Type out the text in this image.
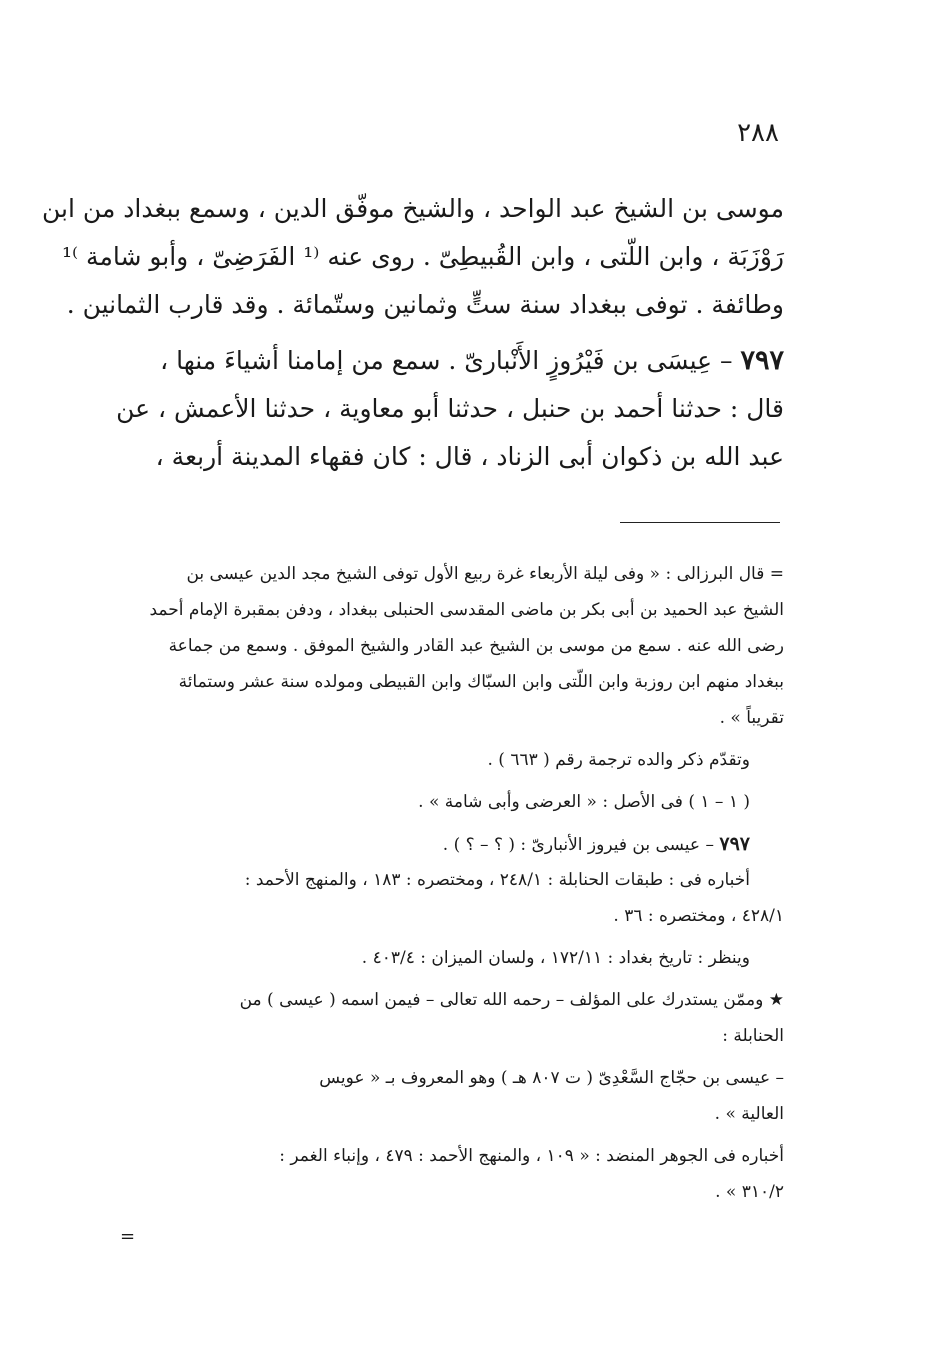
٢٨٨
موسى بن الشيخ عبد الواحد ، والشيخ موفّق الدين ، وسمع ببغداد من ابن
رَوْزَبَة ، وابن اللّتى ، وابن القُبيطِىّ . روى عنه ⁽¹ الفَرَضِىّ ، وأبو شامة ⁾¹
وطائفة . توفى ببغداد سنة ستٍّ وثمانين وستّمائة . وقد قارب الثمانين .
٧٩٧ – عِيسَى بن فَيْرُوزٍ الأَنْبارىّ . سمع من إمامنا أشياءَ منها ،
قال : حدثنا أحمد بن حنبل ، حدثنا أبو معاوية ، حدثنا الأعمش ، عن
عبد الله بن ذكوان أبى الزناد ، قال : كان فقهاء المدينة أربعة ،
= قال البرزالى : « وفى ليلة الأربعاء غرة ربيع الأول توفى الشيخ مجد الدين عيسى بن
الشيخ عبد الحميد بن أبى بكر بن ماضى المقدسى الحنبلى ببغداد ، ودفن بمقبرة الإمام أحمد
رضى الله عنه . سمع من موسى بن الشيخ عبد القادر والشيخ الموفق . وسمع من جماعة
ببغداد منهم ابن روزبة وابن اللّتى وابن السبّاك وابن القبيطى ومولده سنة عشر وستمائة
تقريباً » .
وتقدّم ذكر والده ترجمة رقم ( ٦٦٣ ) .
( ١ – ١ ) فى الأصل : « العرضى وأبى شامة » .
٧٩٧ – عيسى بن فيروز الأنبارىّ : ( ؟ – ؟ ) .
أخباره فى : طبقات الحنابلة : ٢٤٨/١ ، ومختصره : ١٨٣ ، والمنهج الأحمد :
٤٢٨/١ ، ومختصره : ٣٦ .
وينظر : تاريخ بغداد : ١٧٢/١١ ، ولسان الميزان : ٤٠٣/٤ .
★ وممّن يستدرك على المؤلف – رحمه الله تعالى – فيمن اسمه ( عيسى ) من
الحنابلة :
– عيسى بن حجّاج السَّعْدِىّ ( ت ٨٠٧ هـ ) وهو المعروف بـ « عويس
العالية » .
أخباره فى الجوهر المنضد : « ١٠٩ ، والمنهج الأحمد : ٤٧٩ ، وإنباء الغمر :
٣١٠/٢ » .
=
